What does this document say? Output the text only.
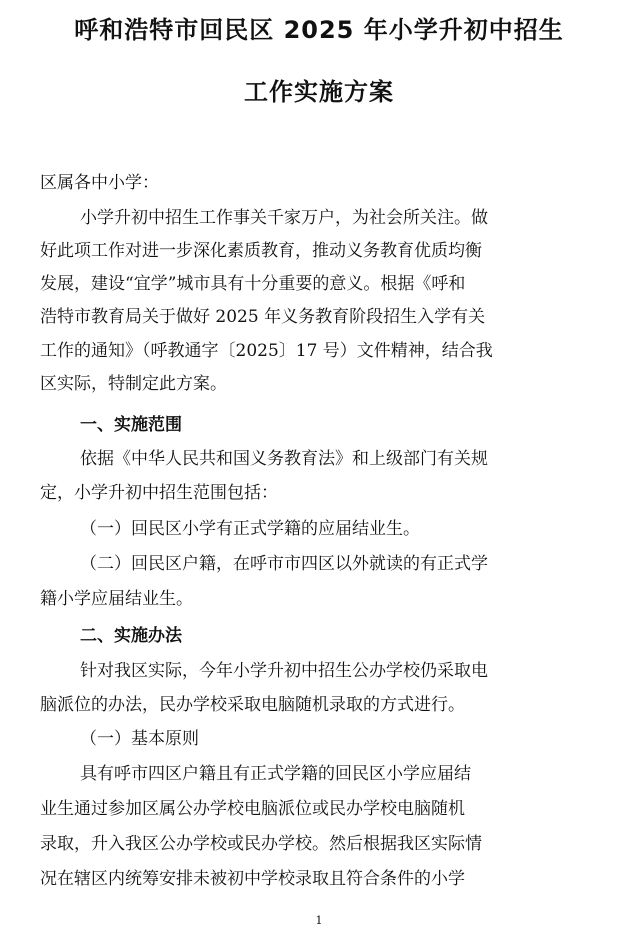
呼和浩特市回民区 2025 年小学升初中招生
工作实施方案

区属各中小学：

小学升初中招生工作事关千家万户，为社会所关注。做

好此项工作对进一步深化素质教育，推动义务教育优质均衡

发展，建设“宜学”城市具有十分重要的意义。根据《呼和

浩特市教育局关于做好 2025 年义务教育阶段招生入学有关

工作的通知》（呼教通字〔2025〕17 号）文件精神，结合我

区实际，特制定此方案。

一、实施范围

依据《中华人民共和国义务教育法》和上级部门有关规

定，小学升初中招生范围包括：

（一）回民区小学有正式学籍的应届结业生。

（二）回民区户籍，在呼市市四区以外就读的有正式学

籍小学应届结业生。

二、实施办法

针对我区实际，今年小学升初中招生公办学校仍采取电

脑派位的办法，民办学校采取电脑随机录取的方式进行。

（一）基本原则

具有呼市四区户籍且有正式学籍的回民区小学应届结

业生通过参加区属公办学校电脑派位或民办学校电脑随机

录取，升入我区公办学校或民办学校。然后根据我区实际情

况在辖区内统筹安排未被初中学校录取且符合条件的小学

1
